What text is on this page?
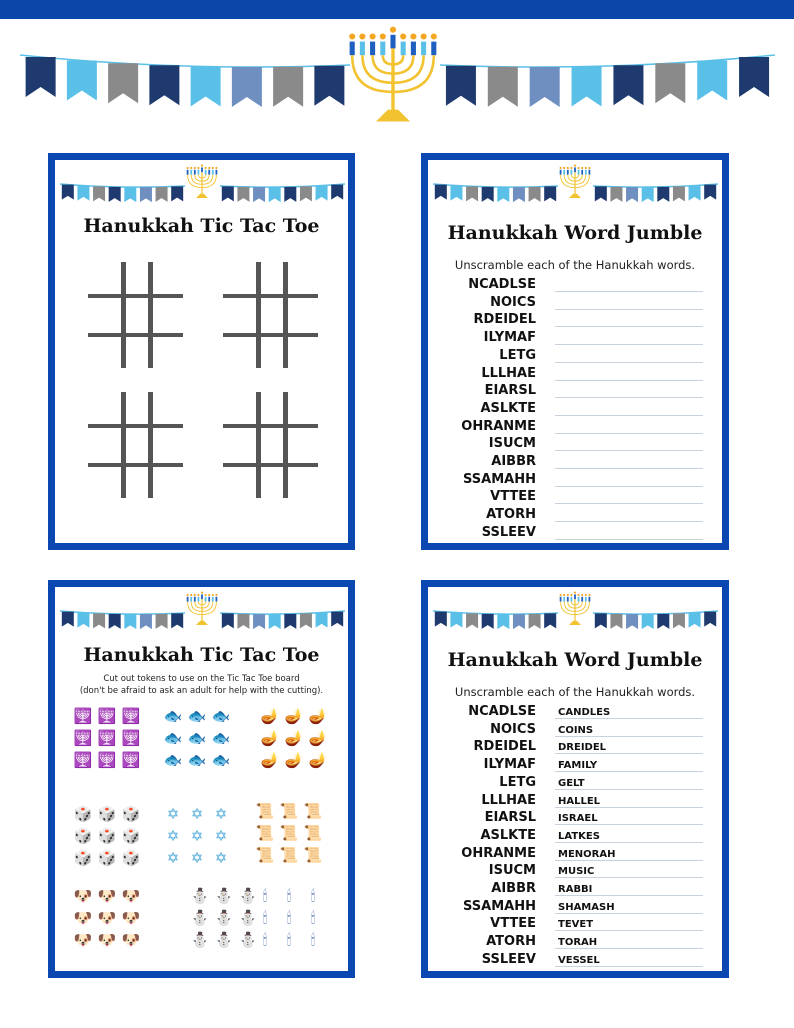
Hanukkah Tic Tac Toe	Hanukkah Word Jumble
Unscramble each of the Hanukkah words.
NCADLSE
NOICS
RDEIDEL
ILYMAF
LETG
LLLHAE
EIARSL
ASLKTE
OHRANME
ISUCM
AIBBR
SSAMAHH
VTTEE
ATORH
SSLEEV
Hanukkah Tic Tac Toe
Cut out tokens to use on the Tic Tac Toe board
(don't be afraid to ask an adult for help with the cutting).
🕎 🕎 🕎
🕎 🕎 🕎
🕎 🕎 🕎
🐟 🐟 🐟
🐟 🐟 🐟
🐟 🐟 🐟
🪔 🪔 🪔
🪔 🪔 🪔
🪔 🪔 🪔
🎲 🎲 🎲
🎲 🎲 🎲
🎲 🎲 🎲
✡ ✡ ✡
✡ ✡ ✡
✡ ✡ ✡
📜 📜 📜
📜 📜 📜
📜 📜 📜
🐶 🐶 🐶
🐶 🐶 🐶
🐶 🐶 🐶
⛄ ⛄ ⛄
⛄ ⛄ ⛄
⛄ ⛄ ⛄
🕯	🕯	🕯
🕯	🕯	🕯
🕯	🕯	🕯
Hanukkah Word Jumble
Unscramble each of the Hanukkah words.
NCADLSE CANDLES
NOICS COINS
RDEIDEL DREIDEL
ILYMAF FAMILY
LETG GELT
LLLHAE HALLEL
EIARSL ISRAEL
ASLKTE LATKES
OHRANME MENORAH
ISUCM MUSIC
AIBBR RABBI
SSAMAHH SHAMASH
VTTEE TEVET
ATORH TORAH
SSLEEV VESSEL
